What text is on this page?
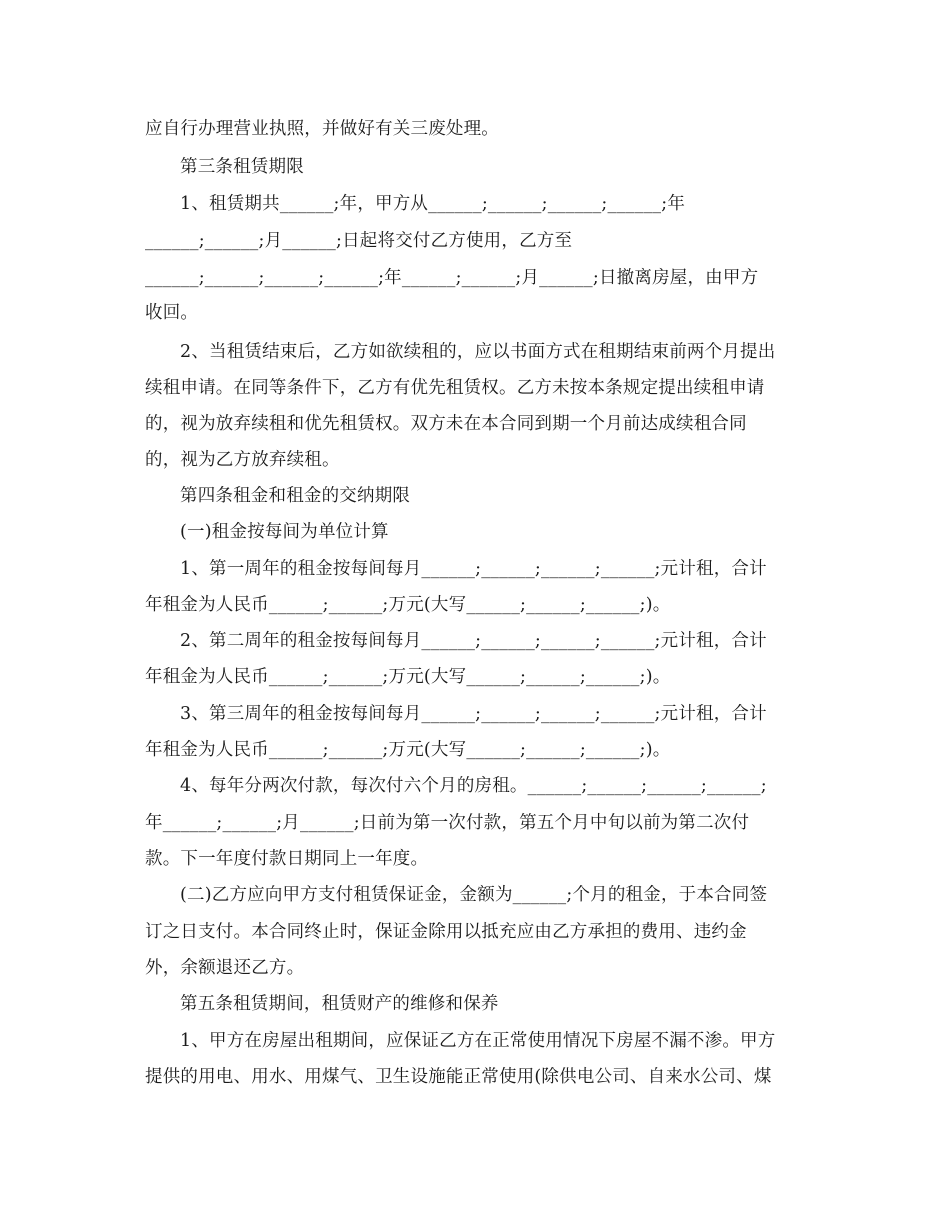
应自行办理营业执照，并做好有关三废处理。

第三条租赁期限

1、租赁期共______;年，甲方从______;______;______;______;年

______;______;月______;日起将交付乙方使用，乙方至

______;______;______;______;年______;______;月______;日撤离房屋，由甲方

收回。

2、当租赁结束后，乙方如欲续租的，应以书面方式在租期结束前两个月提出

续租申请。在同等条件下，乙方有优先租赁权。乙方未按本条规定提出续租申请

的，视为放弃续租和优先租赁权。双方未在本合同到期一个月前达成续租合同

的，视为乙方放弃续租。

第四条租金和租金的交纳期限

(一)租金按每间为单位计算

1、第一周年的租金按每间每月______;______;______;______;元计租，合计

年租金为人民币______;______;万元(大写______;______;______;)。

2、第二周年的租金按每间每月______;______;______;______;元计租，合计

年租金为人民币______;______;万元(大写______;______;______;)。

3、第三周年的租金按每间每月______;______;______;______;元计租，合计

年租金为人民币______;______;万元(大写______;______;______;)。

4、每年分两次付款，每次付六个月的房租。______;______;______;______;

年______;______;月______;日前为第一次付款，第五个月中旬以前为第二次付

款。下一年度付款日期同上一年度。

(二)乙方应向甲方支付租赁保证金，金额为______;个月的租金，于本合同签

订之日支付。本合同终止时，保证金除用以抵充应由乙方承担的费用、违约金

外，余额退还乙方。

第五条租赁期间，租赁财产的维修和保养

1、甲方在房屋出租期间，应保证乙方在正常使用情况下房屋不漏不渗。甲方

提供的用电、用水、用煤气、卫生设施能正常使用(除供电公司、自来水公司、煤
